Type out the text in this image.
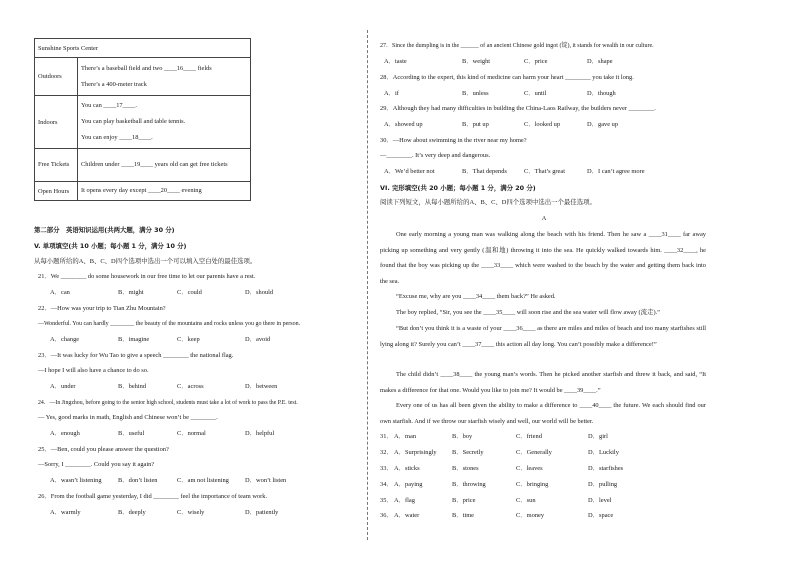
Sunshine Sports Center	
Outdoors	There’s a baseball field and two ____16____ fields
There’s a 400-meter track

Indoors	You can ____17____.
You can play basketball and table tennis.
You can enjoy ____18____.

Free Tickets	Children under ____19____ years old can get free tickets

Open Hours	It opens every day except ____20____ evening
第二部分　英语知识运用(共两大题，满分 30 分)
V. 单项填空(共 10 小题；每小题 1 分，满分 10 分)
从每小题所给的A、B、C、D四个选项中选出一个可以填入空白处的最佳选项。
21．We ________ do some housework in our free time to let our parents have a rest.
A．can	B．might	C．could	D．should
22．—How was your trip to Tian Zhu Mountain?
—Wonderful. You can hardly ________ the beauty of the mountains and rocks unless you go there in person.
A．change	B．imagine	C．keep	D．avoid
23．—It was lucky for Wu Tao to give a speech ________ the national flag.
—I hope I will also have a chance to do so.
A．under	B．behind	C．across	D．between
24．—In Jingzhou, before going to the senior high school, students must take a lot of work to pass the P.E. test.
— Yes, good marks in math, English and Chinese won’t be ________.
A．enough	B．useful	C．normal	D．helpful
25．—Ben, could you please answer the question?
—Sorry, I ________. Could you say it again?
A．wasn’t listening	B．don’t listen	C．am not listening	D．won’t listen
26．From the football game yesterday, I did ________ feel the importance of team work.
A．warmly	B．deeply	C．wisely	D．patiently
27．Since the dumpling is in the ______ of an ancient Chinese gold ingot (锭), it stands for wealth in our culture.
A．taste	B．weight	C．price	D．shape
28．According to the expert, this kind of medicine can harm your heart ________ you take it long.
A．if	B．unless	C．until	D．though
29．Although they had many difficulties in building the China-Laos Railway, the builders never ________.
A．showed up	B．put up	C．looked up	D．gave up
30．—How about swimming in the river near my home?
—________. It’s very deep and dangerous.
A．We’d better not	B．That depends	C．That’s great	D．I can’t agree more
VI. 完形填空(共 20 小题；每小题 1 分，满分 20 分)
阅读下列短文，从每小题所给的A、B、C、D四个选项中选出一个最佳选项。
A
One early morning a young man was walking along the beach with his friend. Then he saw a ____31____ far away picking up something and very gently (温和地) throwing it into the sea. He quickly walked towards him. ____32____, he found that the boy was picking up the ____33____ which were washed to the beach by the water and getting them back into the sea.
“Excuse me, why are you ____34____ them back?” He asked.
The boy replied, “Sir, you see the ____35____ will soon rise and the sea water will flow away (流走).”
“But don’t you think it is a waste of your ____36____ as there are miles and miles of beach and too many starfishes still lying along it? Surely you can’t ____37____ this action all day long. You can’t possibly make a difference!”
The child didn’t ____38____ the young man’s words. Then he picked another starfish and threw it back, and said, “It makes a difference for that one. Would you like to join me? It would be ____39____.”
Every one of us has all been given the ability to make a difference to ____40____ the future. We each should find our own starfish. And if we throw our starfish wisely and well, our world will be better.
31． A．man	B．boy	C．friend	D．girl
32． A．Surprisingly B．Secretly	C．Generally	D．Luckily
33． A．sticks	B．stones	C．leaves	D．starfishes
34． A．paying	B．throwing	C．bringing	D．pulling
35． A．flag	B．price	C．sun	D．level
36． A．water	B．time	C．money	D．space
